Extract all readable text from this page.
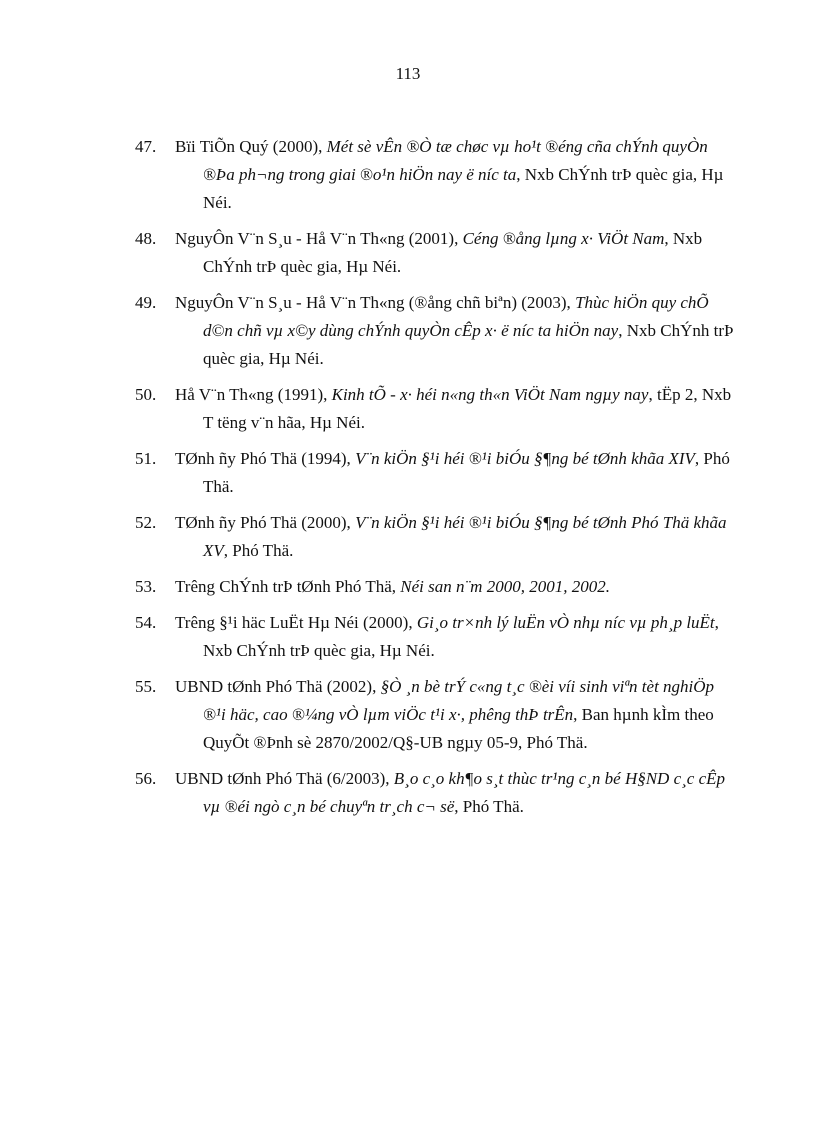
113
47. Bïi TiÕn Quý (2000), Mét sè vÊn ®Ò tæ chøc vµ ho¹t ®éng cña chÝnh quyÒn ®Þa ph¬ng trong giai ®o¹n hiÖn nay ë níc ta, Nxb ChÝnh trÞ quèc gia, Hµ Néi.
48. NguyÔn V¨n S¸u - Hå V¨n Th«ng (2001), Céng ®ång lµng x· ViÖt Nam, Nxb ChÝnh trÞ quèc gia, Hµ Néi.
49. NguyÔn V¨n S¸u - Hå V¨n Th«ng (®ång chñ biªn) (2003), Thùc hiÖn quy chÕ d©n chñ vµ x©y dùng chÝnh quyÒn cÊp x· ë níc ta hiÖn nay, Nxb ChÝnh trÞ quèc gia, Hµ Néi.
50. Hå V¨n Th«ng (1991), Kinh tÕ - x· héi n«ng th«n ViÖt Nam ngµy nay, tËp 2, Nxb T tëng v¨n hãa, Hµ Néi.
51. TØnh ñy Phó Thä (1994), V¨n kiÖn §¹i héi ®¹i biÓu §¶ng bé tØnh khãa XIV, Phó Thä.
52. TØnh ñy Phó Thä (2000), V¨n kiÖn §¹i héi ®¹i biÓu §¶ng bé tØnh Phó Thä khãa XV, Phó Thä.
53. Trêng ChÝnh trÞ tØnh Phó Thä, Néi san n¨m 2000, 2001, 2002.
54. Trêng §¹i häc LuËt Hµ Néi (2000), Gi¸o tr×nh lý luËn vÒ nhµ níc vµ ph¸p luËt, Nxb ChÝnh trÞ quèc gia, Hµ Néi.
55. UBND tØnh Phó Thä (2002), §Ò ¸n bè trÝ c«ng t¸c ®èi víi sinh viªn tèt nghiÖp ®¹i häc, cao ®¼ng vÒ lµm viÖc t¹i x·, phêng thÞ trÊn, Ban hµnh kÌm theo QuyÕt ®Þnh sè 2870/2002/Q§-UB ngµy 05-9, Phó Thä.
56. UBND tØnh Phó Thä (6/2003), B¸o c¸o kh¶o s¸t thùc tr¹ng c¸n bé H§ND c¸c cÊp vµ ®éi ngò c¸n bé chuyªn tr¸ch c¬ së, Phó Thä.
